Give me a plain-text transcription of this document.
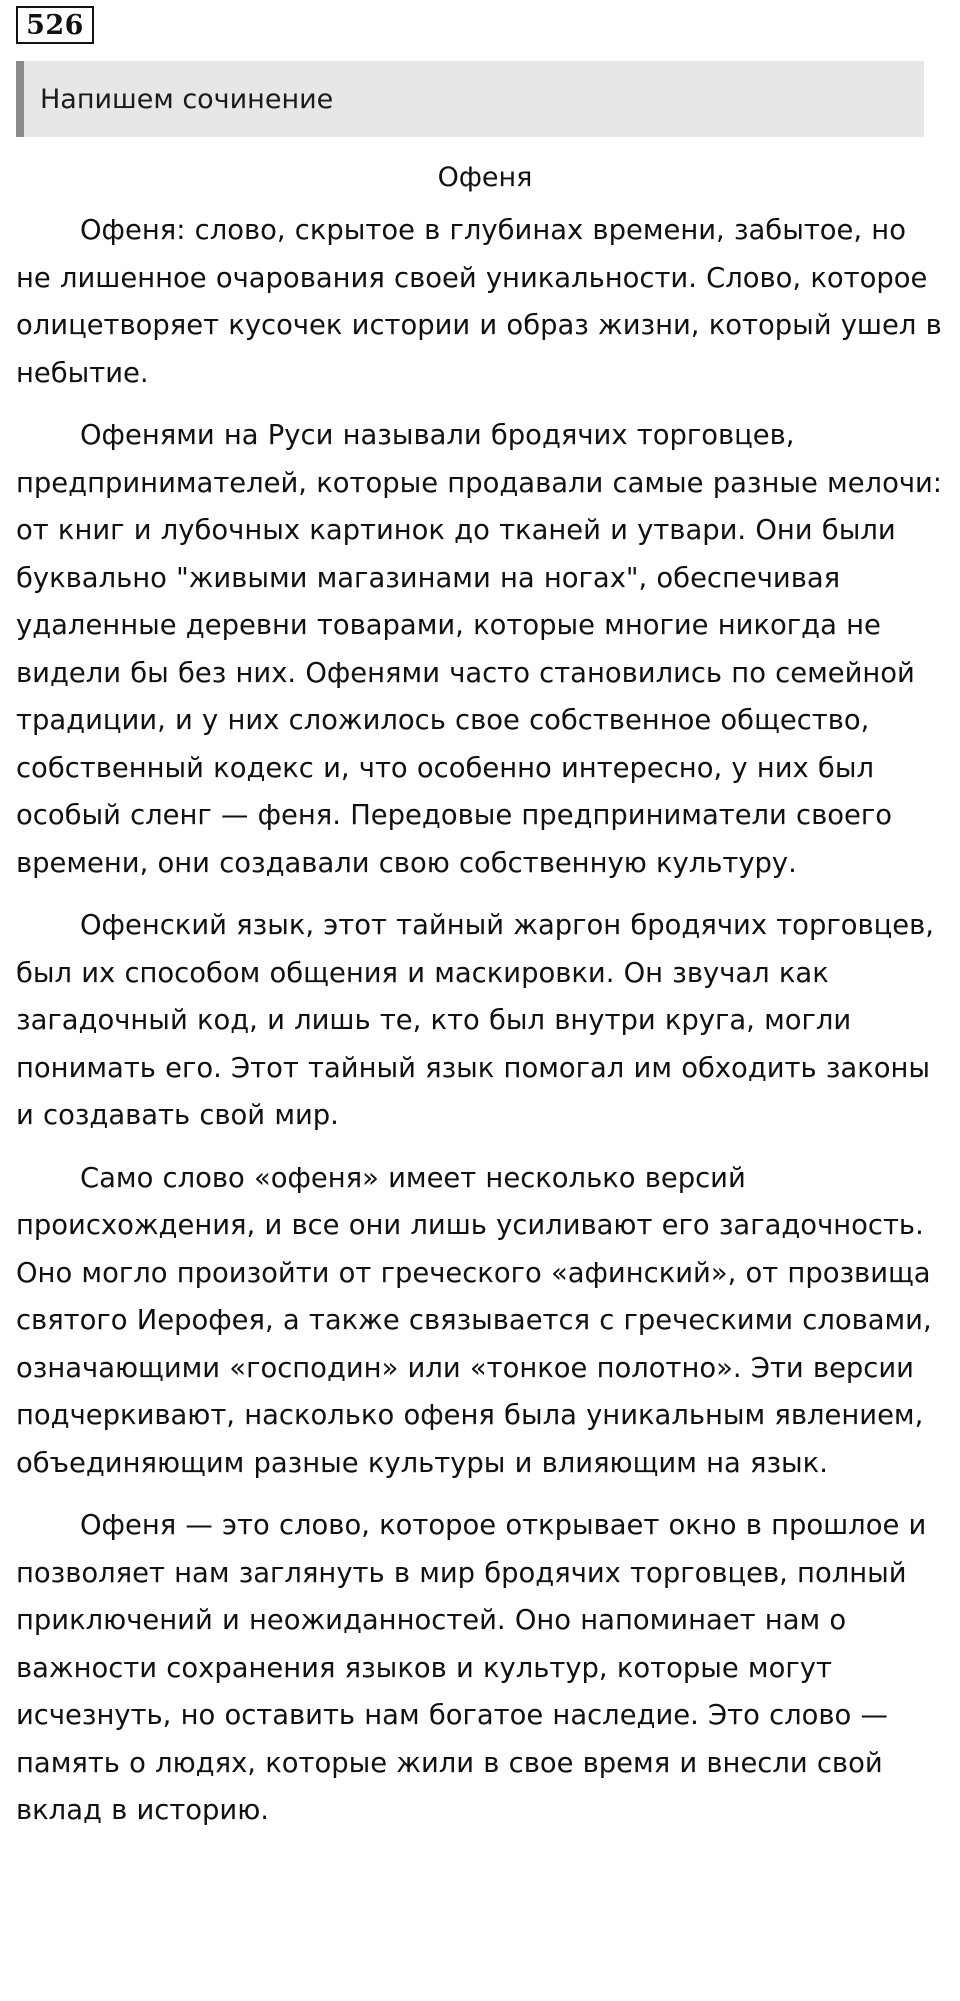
526
Напишем сочинение
Офеня

Офеня: слово, скрытое в глубинах времени, забытое, но не лишенное очарования своей уникальности. Слово, которое олицетворяет кусочек истории и образ жизни, который ушел в небытие.

Офенями на Руси называли бродячих торговцев, предпринимателей, которые продавали самые разные мелочи: от книг и лубочных картинок до тканей и утвари. Они были буквально "живыми магазинами на ногах", обеспечивая удаленные деревни товарами, которые многие никогда не видели бы без них. Офенями часто становились по семейной традиции, и у них сложилось свое собственное общество, собственный кодекс и, что особенно интересно, у них был особый сленг — феня. Передовые предприниматели своего времени, они создавали свою собственную культуру.

Офенский язык, этот тайный жаргон бродячих торговцев, был их способом общения и маскировки. Он звучал как загадочный код, и лишь те, кто был внутри круга, могли понимать его. Этот тайный язык помогал им обходить законы и создавать свой мир.

Само слово «офеня» имеет несколько версий происхождения, и все они лишь усиливают его загадочность. Оно могло произойти от греческого «афинский», от прозвища святого Иерофея, а также связывается с греческими словами, означающими «господин» или «тонкое полотно». Эти версии подчеркивают, насколько офеня была уникальным явлением, объединяющим разные культуры и влияющим на язык.

Офеня — это слово, которое открывает окно в прошлое и позволяет нам заглянуть в мир бродячих торговцев, полный приключений и неожиданностей. Оно напоминает нам о важности сохранения языков и культур, которые могут исчезнуть, но оставить нам богатое наследие. Это слово — память о людях, которые жили в свое время и внесли свой вклад в историю.
